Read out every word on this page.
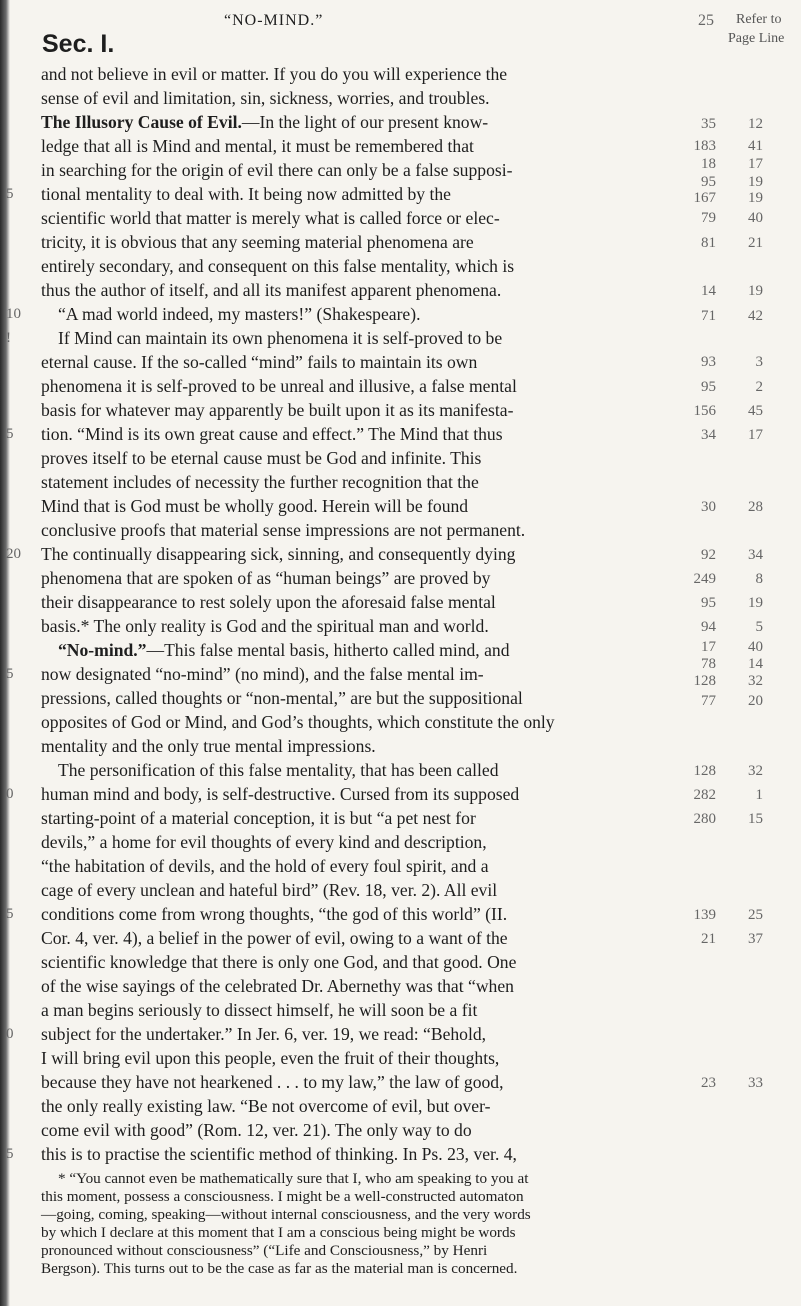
“NO-MIND.”	25 Refer to
Page Line
Sec. I.
and not believe in evil or matter. If you do you will experience the
sense of evil and limitation, sin, sickness, worries, and troubles.
The Illusory Cause of Evil.—In the light of our present know-
ledge that all is Mind and mental, it must be remembered that
in searching for the origin of evil there can only be a false supposi-
tional mentality to deal with. It being now admitted by the
scientific world that matter is merely what is called force or elec-
tricity, it is obvious that any seeming material phenomena are
entirely secondary, and consequent on this false mentality, which is
thus the author of itself, and all its manifest apparent phenomena.
“A mad world indeed, my masters!” (Shakespeare).
If Mind can maintain its own phenomena it is self-proved to be
eternal cause. If the so-called “mind” fails to maintain its own
phenomena it is self-proved to be unreal and illusive, a false mental
basis for whatever may apparently be built upon it as its manifesta-
tion. “Mind is its own great cause and effect.” The Mind that thus
proves itself to be eternal cause must be God and infinite. This
statement includes of necessity the further recognition that the
Mind that is God must be wholly good. Herein will be found
conclusive proofs that material sense impressions are not permanent.
The continually disappearing sick, sinning, and consequently dying
phenomena that are spoken of as “human beings” are proved by
their disappearance to rest solely upon the aforesaid false mental
basis.* The only reality is God and the spiritual man and world.
“No-mind.”—This false mental basis, hitherto called mind, and
now designated “no-mind” (no mind), and the false mental im-
pressions, called thoughts or “non-mental,” are but the suppositional
opposites of God or Mind, and God’s thoughts, which constitute the only
mentality and the only true mental impressions.
The personification of this false mentality, that has been called
human mind and body, is self-destructive. Cursed from its supposed
starting-point of a material conception, it is but “a pet nest for
devils,” a home for evil thoughts of every kind and description,
“the habitation of devils, and the hold of every foul spirit, and a
cage of every unclean and hateful bird” (Rev. 18, ver. 2). All evil
conditions come from wrong thoughts, “the god of this world” (II.
Cor. 4, ver. 4), a belief in the power of evil, owing to a want of the
scientific knowledge that there is only one God, and that good. One
of the wise sayings of the celebrated Dr. Abernethy was that “when
a man begins seriously to dissect himself, he will soon be a fit
subject for the undertaker.” In Jer. 6, ver. 19, we read: “Behold,
I will bring evil upon this people, even the fruit of their thoughts,
because they have not hearkened . . . to my law,” the law of good,
the only really existing law. “Be not overcome of evil, but over-
come evil with good” (Rom. 12, ver. 21). The only way to do
this is to practise the scientific method of thinking. In Ps. 23, ver. 4,
5
10
!
5
20
5
0
5
0
5
35	12
183	41
18	17
95	19
167	19
79	40
81	21
14	19
71	42
93	3
95	2
156	45
34	17
30	28
92	34
249	8
95	19
94	5
17	40
78	14
128	32
77	20
128	32
282	1
280	15
139	25
21	37
23	33
* “You cannot even be mathematically sure that I, who am speaking to you at
this moment, possess a consciousness. I might be a well-constructed automaton
—going, coming, speaking—without internal consciousness, and the very words
by which I declare at this moment that I am a conscious being might be words
pronounced without consciousness” (“Life and Consciousness,” by Henri
Bergson). This turns out to be the case as far as the material man is concerned.
